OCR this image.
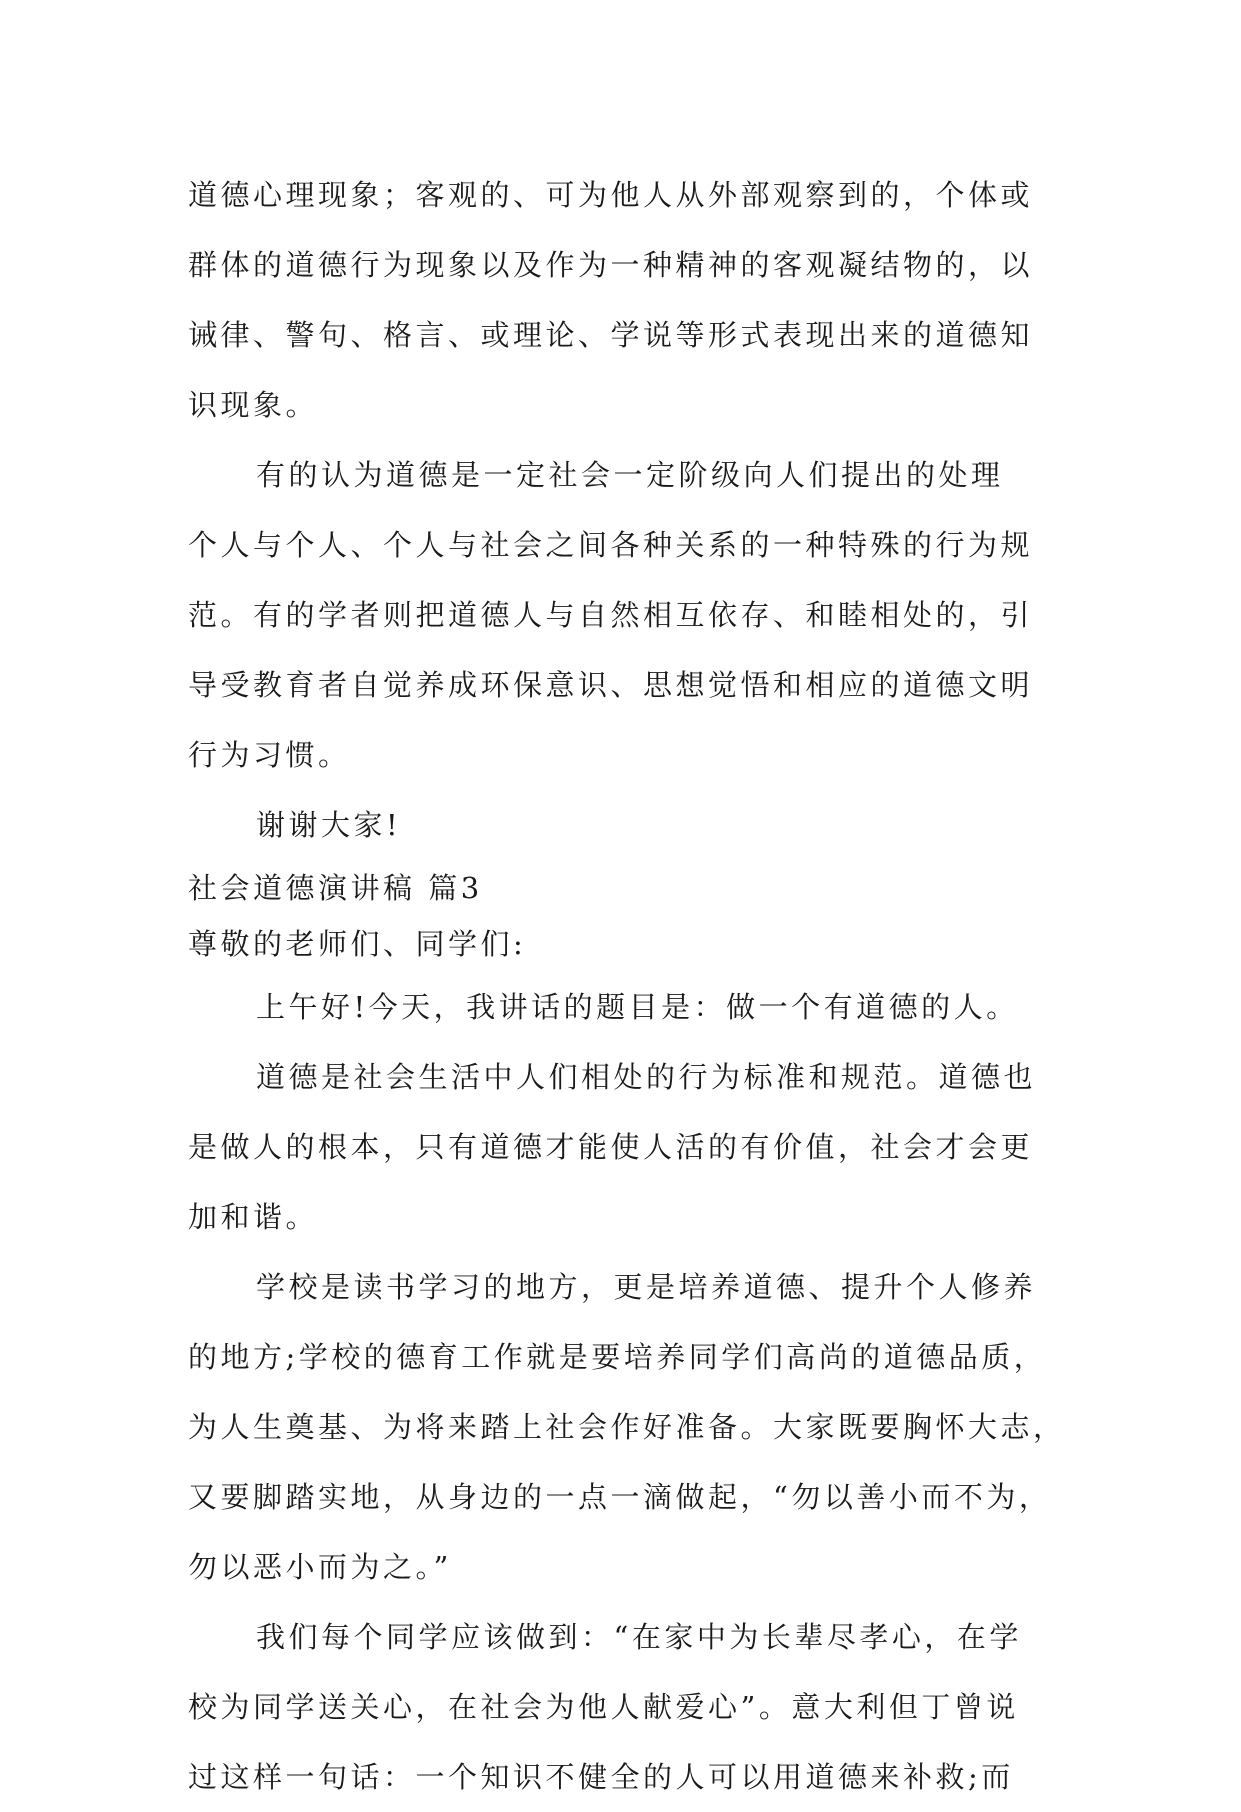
道德心理现象；客观的、可为他人从外部观察到的，个体或
群体的道德行为现象以及作为一种精神的客观凝结物的，以
诫律、警句、格言、或理论、学说等形式表现出来的道德知
识现象。
有的认为道德是一定社会一定阶级向人们提出的处理
个人与个人、个人与社会之间各种关系的一种特殊的行为规
范。有的学者则把道德人与自然相互依存、和睦相处的，引
导受教育者自觉养成环保意识、思想觉悟和相应的道德文明
行为习惯。
谢谢大家!
社会道德演讲稿 篇3
尊敬的老师们、同学们:
上午好!今天，我讲话的题目是：做一个有道德的人。
道德是社会生活中人们相处的行为标准和规范。道德也
是做人的根本，只有道德才能使人活的有价值，社会才会更
加和谐。
学校是读书学习的地方，更是培养道德、提升个人修养
的地方;学校的德育工作就是要培养同学们高尚的道德品质，
为人生奠基、为将来踏上社会作好准备。大家既要胸怀大志，
又要脚踏实地，从身边的一点一滴做起，“勿以善小而不为，
勿以恶小而为之。”
我们每个同学应该做到：“在家中为长辈尽孝心，在学
校为同学送关心，在社会为他人献爱心”。意大利但丁曾说
过这样一句话：一个知识不健全的人可以用道德来补救;而
